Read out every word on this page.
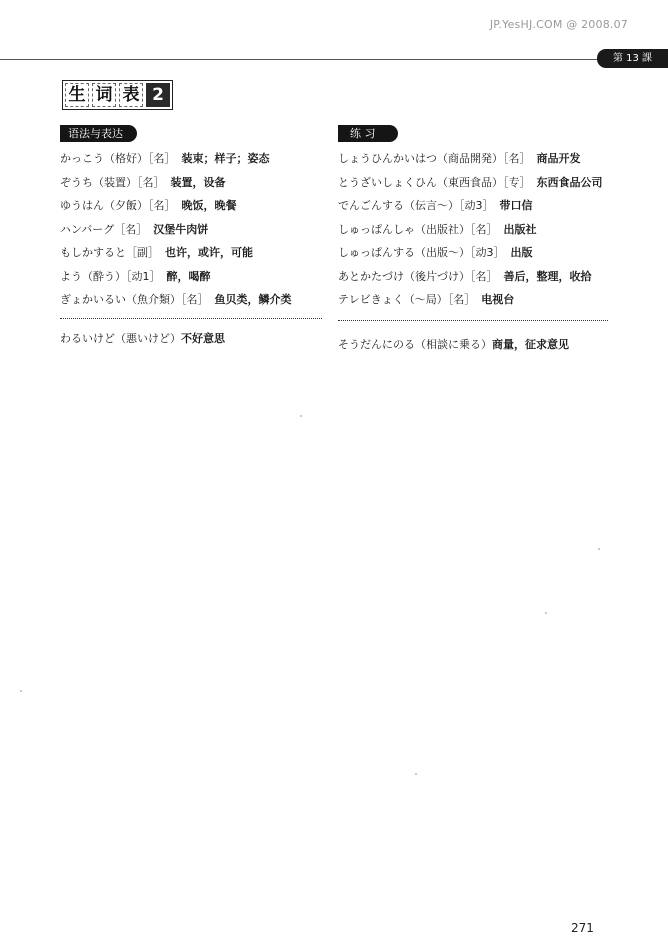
JP.YesHJ.COM @ 2008.07
第 13 課
生 词 表 2
语法与表达
かっこう（格好）［名］ 装束；样子；姿态
ぞうち（装置）［名］ 装置，设备
ゆうはん（夕飯）［名］ 晚饭，晚餐
ハンバーグ［名］ 汉堡牛肉饼
もしかすると［副］ 也许，或许，可能
よう（酔う）［动1］ 醉，喝醉
ぎょかいるい（魚介類）［名］ 鱼贝类，鳞介类
わるいけど（悪いけど）不好意思
练 习
しょうひんかいはつ（商品開発）［名］ 商品开发
とうざいしょくひん（東西食品）［专］ 东西食品公司
でんごんする（伝言〜）［动3］ 带口信
しゅっぱんしゃ（出版社）［名］ 出版社
しゅっぱんする（出版〜）［动3］ 出版
あとかたづけ（後片づけ）［名］ 善后，整理，收拾
テレビきょく（〜局）［名］ 电视台
そうだんにのる（相談に乗る）商量，征求意见
271
